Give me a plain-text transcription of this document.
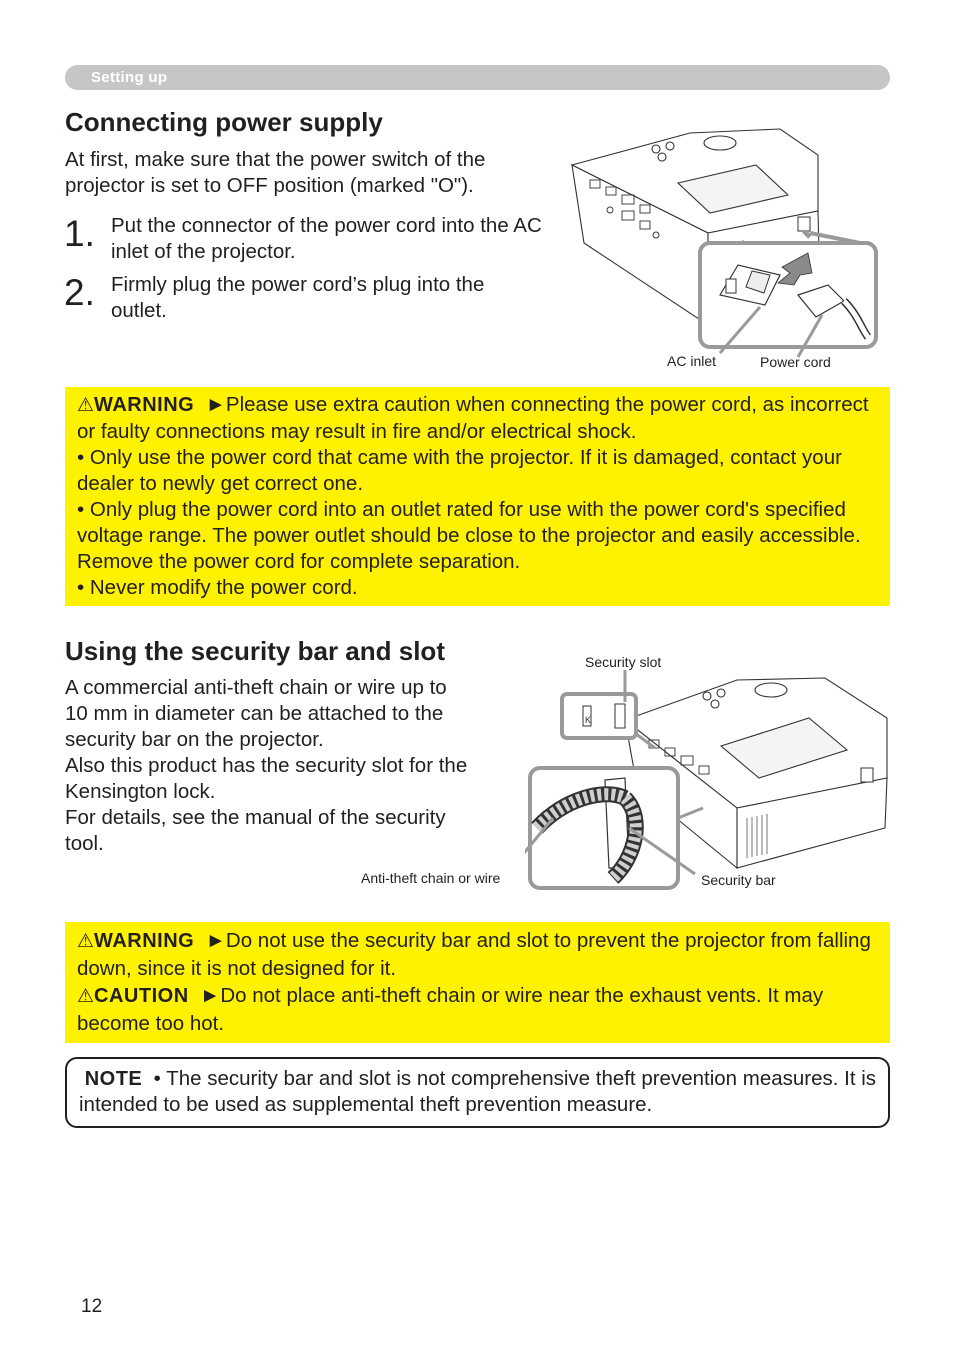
Setting up
Connecting power supply
At first, make sure that the power switch of the projector is set to OFF position (marked "O").
1. Put the connector of the power cord into the AC inlet of the projector.
2. Firmly plug the power cord’s plug into the outlet.
AC inlet	Power cord
⚠WARNING  ►Please use extra caution when connecting the power cord, as incorrect or faulty connections may result in fire and/or electrical shock.
• Only use the power cord that came with the projector. If it is damaged, contact your dealer to newly get correct one.
• Only plug the power cord into an outlet rated for use with the power cord's specified voltage range. The power outlet should be close to the projector and easily accessible. Remove the power cord for complete separation.
• Never modify the power cord.
Using the security bar and slot
A commercial anti-theft chain or wire up to
10 mm in diameter can be attached to the
security bar on the projector.
Also this product has the security slot for the
Kensington lock.
For details, see the manual of the security
tool.
K
Security slot
Anti-theft chain or wire	Security bar
⚠WARNING  ►Do not use the security bar and slot to prevent the projector from falling down, since it is not designed for it.
⚠CAUTION  ►Do not place anti-theft chain or wire near the exhaust vents. It may become too hot.
NOTE • The security bar and slot is not comprehensive theft prevention measures. It is intended to be used as supplemental theft prevention measure.
12
